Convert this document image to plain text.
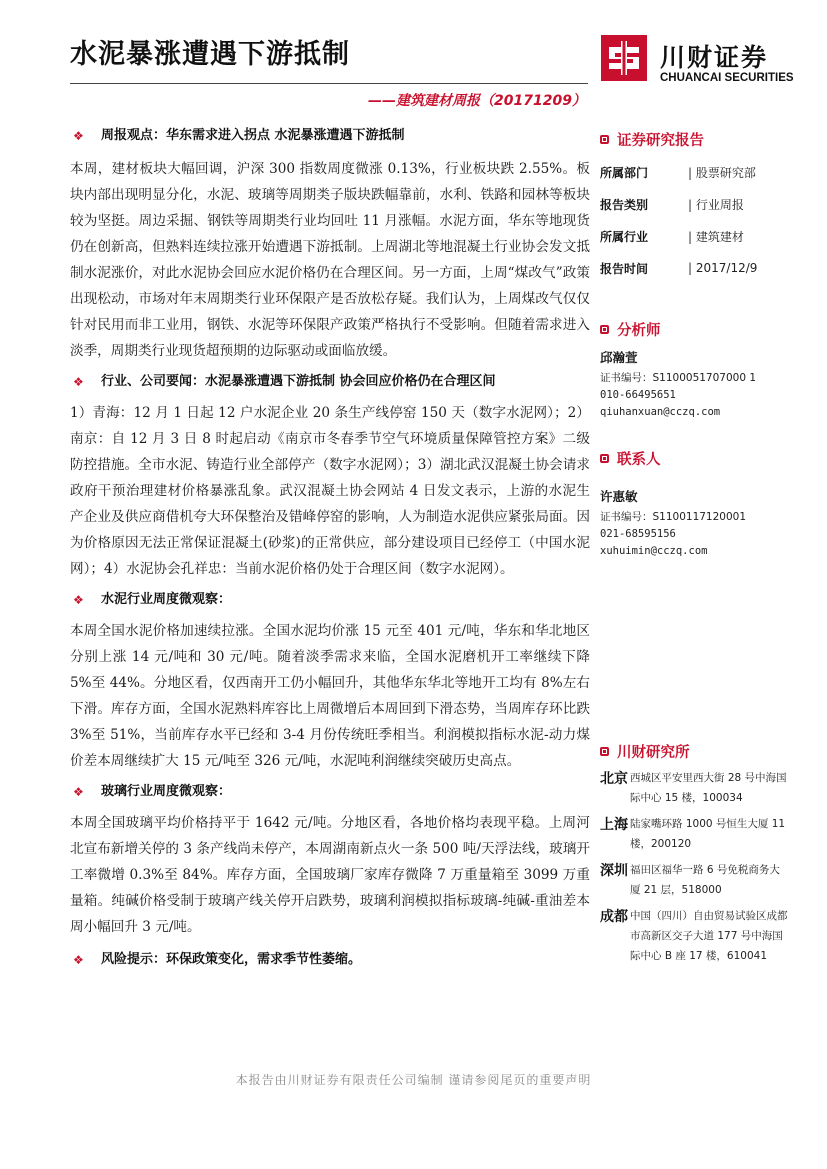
水泥暴涨遭遇下游抵制
——建筑建材周报（20171209）
川财证券
CHUANCAI SECURITIES
❖	周报观点：华东需求进入拐点 水泥暴涨遭遇下游抵制

本周，建材板块大幅回调，沪深 300 指数周度微涨 0.13%，行业板块跌 2.55%。板块内部出现明显分化，水泥、玻璃等周期类子版块跌幅靠前，水利、铁路和园林等板块较为坚挺。周边采掘、钢铁等周期类行业均回吐 11 月涨幅。水泥方面，华东等地现货仍在创新高，但熟料连续拉涨开始遭遇下游抵制。上周湖北等地混凝土行业协会发文抵制水泥涨价，对此水泥协会回应水泥价格仍在合理区间。另一方面，上周“煤改气”政策出现松动，市场对年末周期类行业环保限产是否放松存疑。我们认为，上周煤改气仅仅针对民用而非工业用，钢铁、水泥等环保限产政策严格执行不受影响。但随着需求进入淡季，周期类行业现货超预期的边际驱动或面临放缓。

❖	行业、公司要闻：水泥暴涨遭遇下游抵制 协会回应价格仍在合理区间

1）青海：12 月 1 日起 12 户水泥企业 20 条生产线停窑 150 天（数字水泥网）；2）南京：自 12 月 3 日 8 时起启动《南京市冬春季节空气环境质量保障管控方案》二级防控措施。全市水泥、铸造行业全部停产（数字水泥网）；3）湖北武汉混凝土协会请求政府干预治理建材价格暴涨乱象。武汉混凝土协会网站 4 日发文表示，上游的水泥生产企业及供应商借机夸大环保整治及错峰停窑的影响，人为制造水泥供应紧张局面。因为价格原因无法正常保证混凝土(砂浆)的正常供应，部分建设项目已经停工（中国水泥网）；4）水泥协会孔祥忠：当前水泥价格仍处于合理区间（数字水泥网）。

❖	水泥行业周度微观察：

本周全国水泥价格加速续拉涨。全国水泥均价涨 15 元至 401 元/吨，华东和华北地区分别上涨 14 元/吨和 30 元/吨。随着淡季需求来临，全国水泥磨机开工率继续下降 5%至 44%。分地区看，仅西南开工仍小幅回升，其他华东华北等地开工均有 8%左右下滑。库存方面，全国水泥熟料库容比上周微增后本周回到下滑态势，当周库存环比跌 3%至 51%，当前库存水平已经和 3-4 月份传统旺季相当。利润模拟指标水泥-动力煤价差本周继续扩大 15 元/吨至 326 元/吨，水泥吨利润继续突破历史高点。

❖	玻璃行业周度微观察：

本周全国玻璃平均价格持平于 1642 元/吨。分地区看，各地价格均表现平稳。上周河北宣布新增关停的 3 条产线尚未停产，本周湖南新点火一条 500 吨/天浮法线，玻璃开工率微增 0.3%至 84%。库存方面，全国玻璃厂家库存微降 7 万重量箱至 3099 万重量箱。纯碱价格受制于玻璃产线关停开启跌势，玻璃利润模拟指标玻璃-纯碱-重油差本周小幅回升 3 元/吨。

❖	风险提示：环保政策变化，需求季节性萎缩。
证券研究报告
所属部门	| 股票研究部
报告类别	| 行业周报
所属行业	| 建筑建材
报告时间	| 2017/12/9
分析师
邱瀚萱
证书编号：S1100051707000 1
010-66495651
qiuhanxuan@cczq.com
联系人
许惠敏
证书编号：S1100117120001
021-68595156
xuhuimin@cczq.com
川财研究所
北京 西城区平安里西大街 28 号中海国际中心 15 楼，100034
上海 陆家嘴环路 1000 号恒生大厦 11 楼，200120
深圳 福田区福华一路 6 号免税商务大厦 21 层，518000
成都 中国（四川）自由贸易试验区成都市高新区交子大道 177 号中海国际中心 B 座 17 楼，610041
本报告由川财证券有限责任公司编制 谨请参阅尾页的重要声明
